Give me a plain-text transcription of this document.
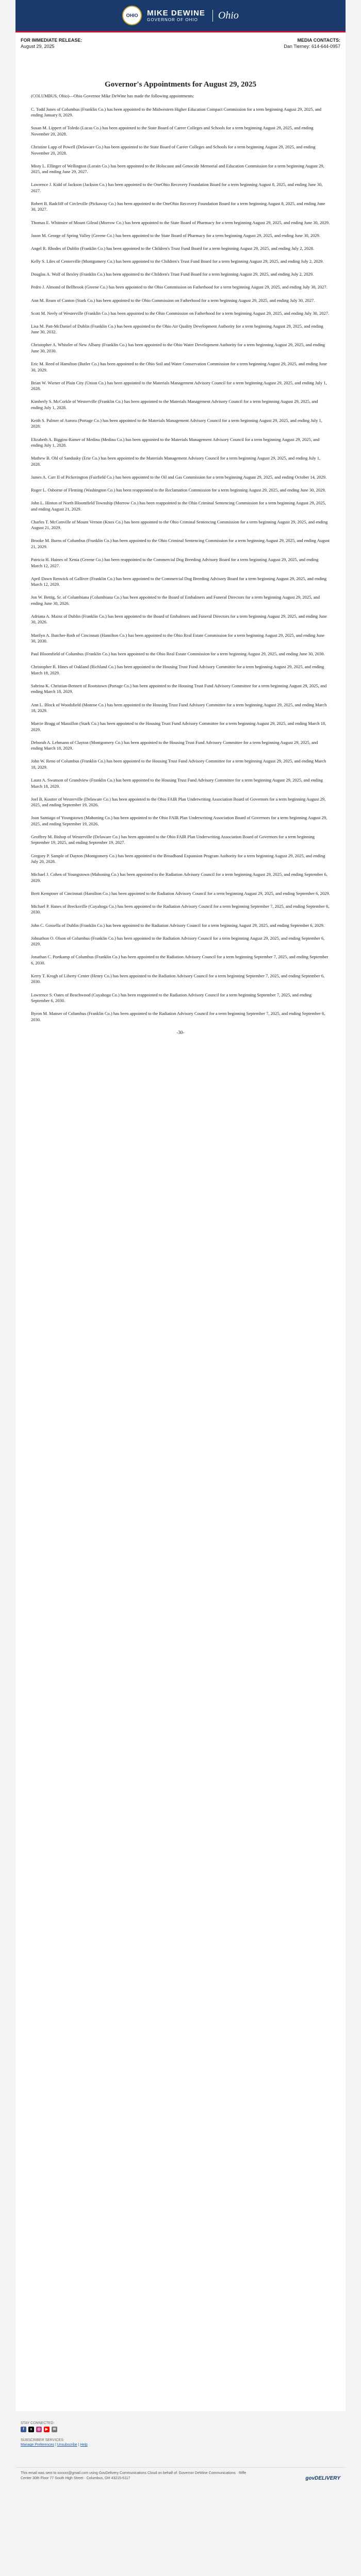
OHIO MIKE DEWINE
GOVERNOR OF OHIO	Ohio
FOR IMMEDIATE RELEASE:
August 29, 2025
MEDIA CONTACTS:
Dan Tierney: 614-644-0957
Governor's Appointments for August 29, 2025

(COLUMBUS, Ohio)—Ohio Governor Mike DeWine has made the following appointments:

C. Todd Jones of Columbus (Franklin Co.) has been appointed to the Midwestern Higher Education Compact Commission for a term beginning August 29, 2025, and ending January 8, 2029.
Susan M. Lippert of Toledo (Lucas Co.) has been appointed to the State Board of Career Colleges and Schools for a term beginning August 29, 2025, and ending November 20, 2028.
Christine Lapp of Powell (Delaware Co.) has been appointed to the State Board of Career Colleges and Schools for a term beginning August 29, 2025, and ending November 20, 2028.
Misty L. Ellinger of Wellington (Lorain Co.) has been appointed to the Holocaust and Genocide Memorial and Education Commission for a term beginning August 29, 2025, and ending June 29, 2027.
Lawrence J. Kidd of Jackson (Jackson Co.) has been appointed to the OneOhio Recovery Foundation Board for a term beginning August 8, 2025, and ending June 30, 2027.
Robert B. Radcliff of Circleville (Pickaway Co.) has been appointed to the OneOhio Recovery Foundation Board for a term beginning August 8, 2025, and ending June 30, 2027.
Thomas E. Whitmire of Mount Gilead (Morrow Co.) has been appointed to the State Board of Pharmacy for a term beginning August 29, 2025, and ending June 30, 2029.
Jason M. George of Spring Valley (Greene Co.) has been appointed to the State Board of Pharmacy for a term beginning August 29, 2025, and ending June 30, 2029.
Angel R. Rhodes of Dublin (Franklin Co.) has been appointed to the Children's Trust Fund Board for a term beginning August 29, 2025, and ending July 2, 2028.
Kelly S. Liles of Centerville (Montgomery Co.) has been appointed to the Children's Trust Fund Board for a term beginning August 29, 2025, and ending July 2, 2029.
Douglas A. Wolf of Bexley (Franklin Co.) has been appointed to the Children's Trust Fund Board for a term beginning August 29, 2025, and ending July 2, 2029.
Pedro J. Almond of Bellbrook (Greene Co.) has been appointed to the Ohio Commission on Fatherhood for a term beginning August 29, 2025, and ending July 30, 2027.
Ann M. Ream of Canton (Stark Co.) has been appointed to the Ohio Commission on Fatherhood for a term beginning August 29, 2025, and ending July 30, 2027.
Scott M. Neely of Westerville (Franklin Co.) has been appointed to the Ohio Commission on Fatherhood for a term beginning August 29, 2025, and ending July 30, 2027.
Lisa M. Patt-McDaniel of Dublin (Franklin Co.) has been appointed to the Ohio Air Quality Development Authority for a term beginning August 29, 2025, and ending June 30, 2032.
Christopher A. Whistler of New Albany (Franklin Co.) has been appointed to the Ohio Water Development Authority for a term beginning August 29, 2025, and ending June 30, 2030.
Eric M. Reed of Hamilton (Butler Co.) has been appointed to the Ohio Soil and Water Conservation Commission for a term beginning August 29, 2025, and ending June 30, 2029.
Brian W. Wiener of Plain City (Union Co.) has been appointed to the Materials Management Advisory Council for a term beginning August 29, 2025, and ending July 1, 2028.
Kimberly S. McCorkle of Westerville (Franklin Co.) has been appointed to the Materials Management Advisory Council for a term beginning August 29, 2025, and ending July 1, 2028.
Keith S. Palmer of Aurora (Portage Co.) has been appointed to the Materials Management Advisory Council for a term beginning August 29, 2025, and ending July 1, 2028.
Elizabeth A. Biggins-Ramer of Medina (Medina Co.) has been appointed to the Materials Management Advisory Council for a term beginning August 29, 2025, and ending July 1, 2028.
Mathew B. Ohl of Sandusky (Erie Co.) has been appointed to the Materials Management Advisory Council for a term beginning August 29, 2025, and ending July 1, 2028.
James A. Carr II of Pickerington (Fairfield Co.) has been appointed to the Oil and Gas Commission for a term beginning August 29, 2025, and ending October 14, 2029.
Roger L. Osborne of Fleming (Washington Co.) has been reappointed to the Reclamation Commission for a term beginning August 29, 2025, and ending June 30, 2029.
John L. Hinton of North Bloomfield Township (Morrow Co.) has been reappointed to the Ohio Criminal Sentencing Commission for a term beginning August 29, 2025, and ending August 21, 2029.
Charles T. McConville of Mount Vernon (Knox Co.) has been appointed to the Ohio Criminal Sentencing Commission for a term beginning August 29, 2025, and ending August 21, 2029.
Brooke M. Burns of Columbus (Franklin Co.) has been appointed to the Ohio Criminal Sentencing Commission for a term beginning August 29, 2025, and ending August 21, 2029.
Patricia H. Haines of Xenia (Greene Co.) has been reappointed to the Commercial Dog Breeding Advisory Board for a term beginning August 29, 2025, and ending March 12, 2027.
April Dawn Renwick of Galliver (Franklin Co.) has been appointed to the Commercial Dog Breeding Advisory Board for a term beginning August 29, 2025, and ending March 12, 2029.
Jon W. Bettig, Sr. of Columbiana (Columbiana Co.) has been appointed to the Board of Embalmers and Funeral Directors for a term beginning August 29, 2025, and ending June 30, 2026.
Adriana A. Mainz of Dublin (Franklin Co.) has been appointed to the Board of Embalmers and Funeral Directors for a term beginning August 29, 2025, and ending June 30, 2026.
Marilyn A. Butcher-Roth of Cincinnati (Hamilton Co.) has been appointed to the Ohio Real Estate Commission for a term beginning August 29, 2025, and ending June 30, 2030.
Paul Bloomfield of Columbus (Franklin Co.) has been appointed to the Ohio Real Estate Commission for a term beginning August 29, 2025, and ending June 30, 2030.
Christopher R. Hines of Oakland (Richland Co.) has been appointed to the Housing Trust Fund Advisory Committee for a term beginning August 29, 2025, and ending March 18, 2029.
Sabrina K. Christian-Bennett of Rootstown (Portage Co.) has been appointed to the Housing Trust Fund Advisory Committee for a term beginning August 29, 2025, and ending March 18, 2029.
Ann L. Block of Woodsfield (Monroe Co.) has been appointed to the Housing Trust Fund Advisory Committee for a term beginning August 29, 2025, and ending March 18, 2029.
Marcie Bragg of Massillon (Stark Co.) has been appointed to the Housing Trust Fund Advisory Committee for a term beginning August 29, 2025, and ending March 18, 2029.
Deborah A. Lehmann of Clayton (Montgomery Co.) has been appointed to the Housing Trust Fund Advisory Committee for a term beginning August 29, 2025, and ending March 18, 2029.
John W. Reno of Columbus (Franklin Co.) has been appointed to the Housing Trust Fund Advisory Committee for a term beginning August 29, 2025, and ending March 18, 2029.
Laura A. Swanson of Grandview (Franklin Co.) has been appointed to the Housing Trust Fund Advisory Committee for a term beginning August 29, 2025, and ending March 18, 2029.
Joel B. Kustter of Westerville (Delaware Co.) has been appointed to the Ohio FAIR Plan Underwriting Association Board of Governors for a term beginning August 29, 2025, and ending September 19, 2026.
Joan Santiago of Youngstown (Mahoning Co.) has been appointed to the Ohio FAIR Plan Underwriting Association Board of Governors for a term beginning August 29, 2025, and ending September 19, 2026.
Geoffrey M. Bishop of Westerville (Delaware Co.) has been appointed to the Ohio FAIR Plan Underwriting Association Board of Governors for a term beginning September 19, 2025, and ending September 19, 2027.
Gregory P. Sample of Dayton (Montgomery Co.) has been appointed to the Broadband Expansion Program Authority for a term beginning August 29, 2025, and ending July 20, 2028.
Michael J. Cohen of Youngstown (Mahoning Co.) has been appointed to the Radiation Advisory Council for a term beginning August 29, 2025, and ending September 6, 2029.
Brett Kemptner of Cincinnati (Hamilton Co.) has been appointed to the Radiation Advisory Council for a term beginning August 29, 2025, and ending September 6, 2029.
Michael P. Hanes of Brecksville (Cuyahoga Co.) has been appointed to the Radiation Advisory Council for a term beginning September 7, 2025, and ending September 6, 2030.
John C. Gossella of Dublin (Franklin Co.) has been appointed to the Radiation Advisory Council for a term beginning August 29, 2025, and ending September 6, 2029.
Johnathon O. Olson of Columbus (Franklin Co.) has been appointed to the Radiation Advisory Council for a term beginning August 29, 2025, and ending September 6, 2029.
Jonathan C. Portkamp of Columbus (Franklin Co.) has been appointed to the Radiation Advisory Council for a term beginning September 7, 2025, and ending September 6, 2030.
Kerry T. Krogh of Liberty Center (Henry Co.) has been appointed to the Radiation Advisory Council for a term beginning September 7, 2025, and ending September 6, 2030.
Lawrence S. Oates of Beachwood (Cuyahoga Co.) has been reappointed to the Radiation Advisory Council for a term beginning September 7, 2025, and ending September 6, 2030.
Byron M. Manser of Columbus (Franklin Co.) has been appointed to the Radiation Advisory Council for a term beginning September 7, 2025, and ending September 6, 2030.
-30-
STAY CONNECTED:
f	x	◎	▶	✉
SUBSCRIBER SERVICES:
Manage Preferences | Unsubscribe | Help
This email was sent to xxxxxx@gmail.com using GovDelivery Communications Cloud on behalf of: Governor DeWine Communications · Riffe Center 30th Floor 77 South High Street · Columbus, OH 43215-6117	govDELIVERY
